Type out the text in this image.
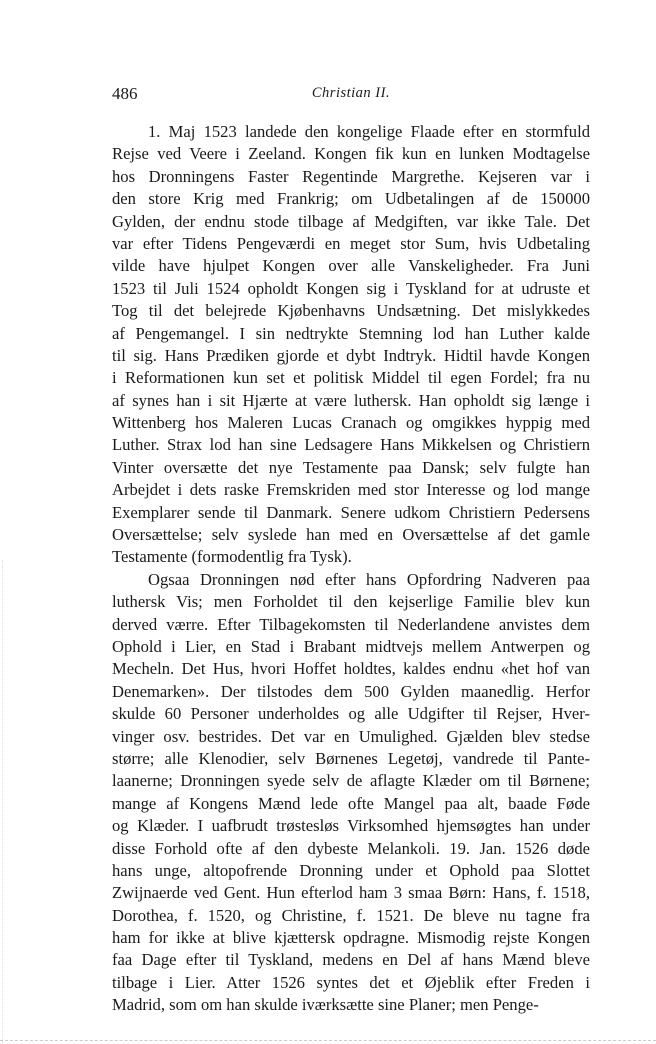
486	Christian II.
1. Maj 1523 landede den kongelige Flaade efter en stormfuld
Rejse ved Veere i Zeeland. Kongen fik kun en lunken Modtagelse
hos Dronningens Faster Regentinde Margrethe. Kejseren var i
den store Krig med Frankrig; om Udbetalingen af de 150000
Gylden, der endnu stode tilbage af Medgiften, var ikke Tale. Det
var efter Tidens Pengeværdi en meget stor Sum, hvis Udbetaling
vilde have hjulpet Kongen over alle Vanskeligheder. Fra Juni
1523 til Juli 1524 opholdt Kongen sig i Tyskland for at udruste et
Tog til det belejrede Kjøbenhavns Undsætning. Det mislykkedes
af Pengemangel. I sin nedtrykte Stemning lod han Luther kalde
til sig. Hans Prædiken gjorde et dybt Indtryk. Hidtil havde Kongen
i Reformationen kun set et politisk Middel til egen Fordel; fra nu
af synes han i sit Hjærte at være luthersk. Han opholdt sig længe i
Wittenberg hos Maleren Lucas Cranach og omgikkes hyppig med
Luther. Strax lod han sine Ledsagere Hans Mikkelsen og Christiern
Vinter oversætte det nye Testamente paa Dansk; selv fulgte han
Arbejdet i dets raske Fremskriden med stor Interesse og lod mange
Exemplarer sende til Danmark. Senere udkom Christiern Pedersens
Oversættelse; selv syslede han med en Oversættelse af det gamle
Testamente (formodentlig fra Tysk).
Ogsaa Dronningen nød efter hans Opfordring Nadveren paa
luthersk Vis; men Forholdet til den kejserlige Familie blev kun
derved værre. Efter Tilbagekomsten til Nederlandene anvistes dem
Ophold i Lier, en Stad i Brabant midtvejs mellem Antwerpen og
Mecheln. Det Hus, hvori Hoffet holdtes, kaldes endnu «het hof van
Denemarken». Der tilstodes dem 500 Gylden maanedlig. Herfor
skulde 60 Personer underholdes og alle Udgifter til Rejser, Hver-
vinger osv. bestrides. Det var en Umulighed. Gjælden blev stedse
større; alle Klenodier, selv Børnenes Legetøj, vandrede til Pante-
laanerne; Dronningen syede selv de aflagte Klæder om til Børnene;
mange af Kongens Mænd lede ofte Mangel paa alt, baade Føde
og Klæder. I uafbrudt trøstesløs Virksomhed hjemsøgtes han under
disse Forhold ofte af den dybeste Melankoli. 19. Jan. 1526 døde
hans unge, altopofrende Dronning under et Ophold paa Slottet
Zwijnaerde ved Gent. Hun efterlod ham 3 smaa Børn: Hans, f. 1518,
Dorothea, f. 1520, og Christine, f. 1521. De bleve nu tagne fra
ham for ikke at blive kjættersk opdragne. Mismodig rejste Kongen
faa Dage efter til Tyskland, medens en Del af hans Mænd bleve
tilbage i Lier. Atter 1526 syntes det et Øjeblik efter Freden i
Madrid, som om han skulde iværksætte sine Planer; men Penge-
